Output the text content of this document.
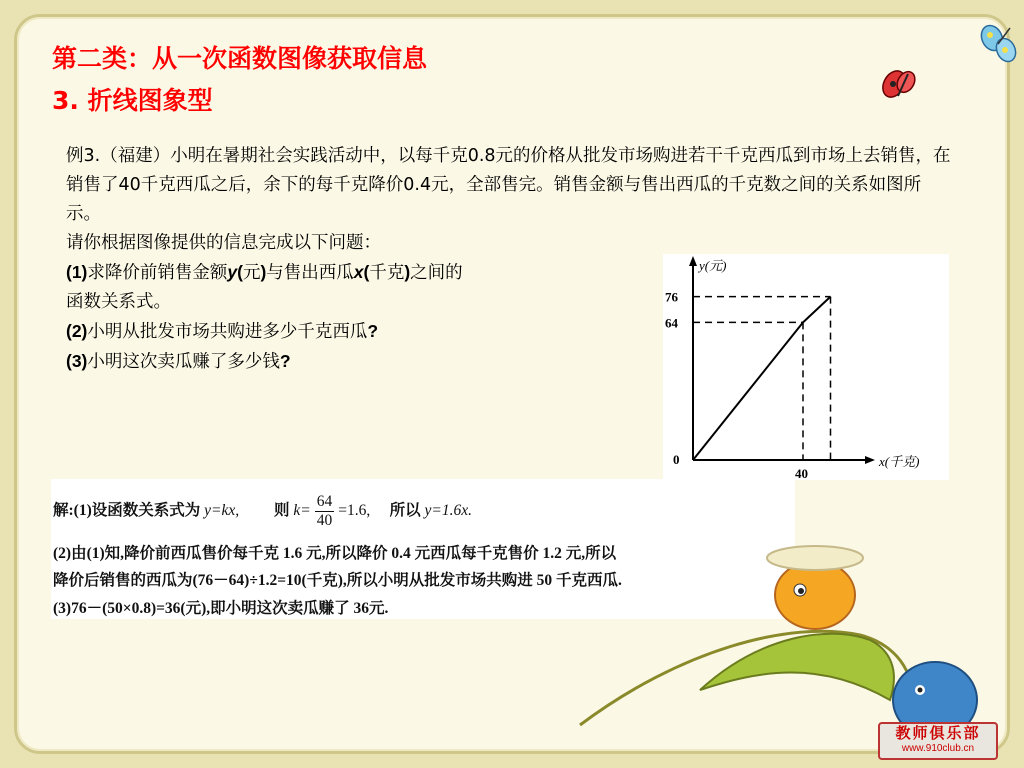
第二类：从一次函数图像获取信息
3. 折线图象型

例3.（福建）小明在暑期社会实践活动中，以每千克0.8元的价格从批发市场购进若干千克西瓜到市场上去销售，在销售了40千克西瓜之后，余下的每千克降价0.4元，全部售完。销售金额与售出西瓜的千克数之间的关系如图所示。

请你根据图像提供的信息完成以下问题：

(1)求降价前销售金额y(元)与售出西瓜x(千克)之间的

函数关系式。

(2)小明从批发市场共购进多少千克西瓜?

(3)小明这次卖瓜赚了多少钱?

y(元)
x(千克)
0
76
64
40
解:(1)设函数关系式为 y=kx, 则 $k= \frac{64}{40} =1.6$, 所以 y=1.6x.
(2)由(1)知,降价前西瓜售价每千克 1.6 元,所以降价 0.4 元西瓜每千克售价 1.2 元,所以
降价后销售的西瓜为(76－64)÷1.2=10(千克),所以小明从批发市场共购进 50 千克西瓜.
(3)76－(50×0.8)=36(元),即小明这次卖瓜赚了 36元.
教师俱乐部
www.910club.cn
